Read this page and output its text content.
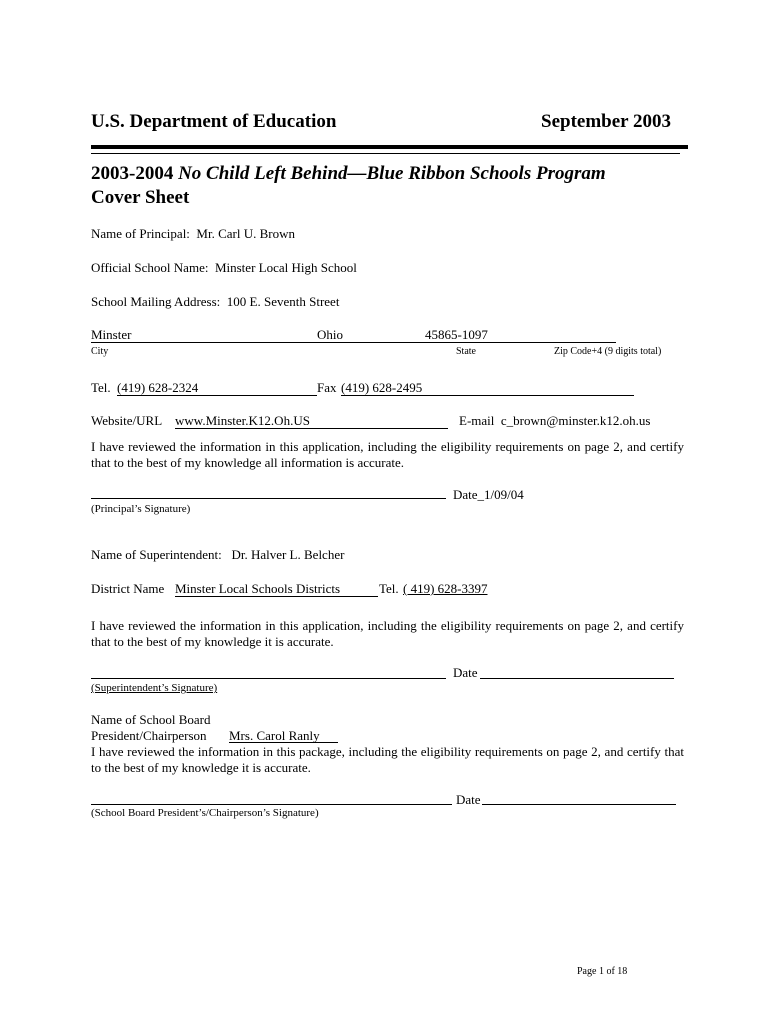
U.S. Department of Education	September 2003
2003-2004 No Child Left Behind—Blue Ribbon Schools Program
Cover Sheet
Name of Principal: Mr. Carl U. Brown
Official School Name: Minster Local High School
School Mailing Address: 100 E. Seventh Street
Minster	Ohio	45865-1097
City	State	Zip Code+4 (9 digits total)
Tel. (419) 628-2324	Fax (419) 628-2495
Website/URL www.Minster.K12.Oh.US	E-mail c_brown@minster.k12.oh.us
I have reviewed the information in this application, including the eligibility requirements on page 2, and certify that to the best of my knowledge all information is accurate.
Date_1/09/04
(Principal’s Signature)
Name of Superintendent: Dr. Halver L. Belcher
District Name Minster Local Schools Districts	Tel. ( 419) 628-3397
I have reviewed the information in this application, including the eligibility requirements on page 2, and certify that to the best of my knowledge it is accurate.
Date
(Superintendent’s Signature)
Name of School Board
President/Chairperson Mrs. Carol Ranly
I have reviewed the information in this package, including the eligibility requirements on page 2, and certify that to the best of my knowledge it is accurate.
Date
(School Board President’s/Chairperson’s Signature)
Page 1 of 18
